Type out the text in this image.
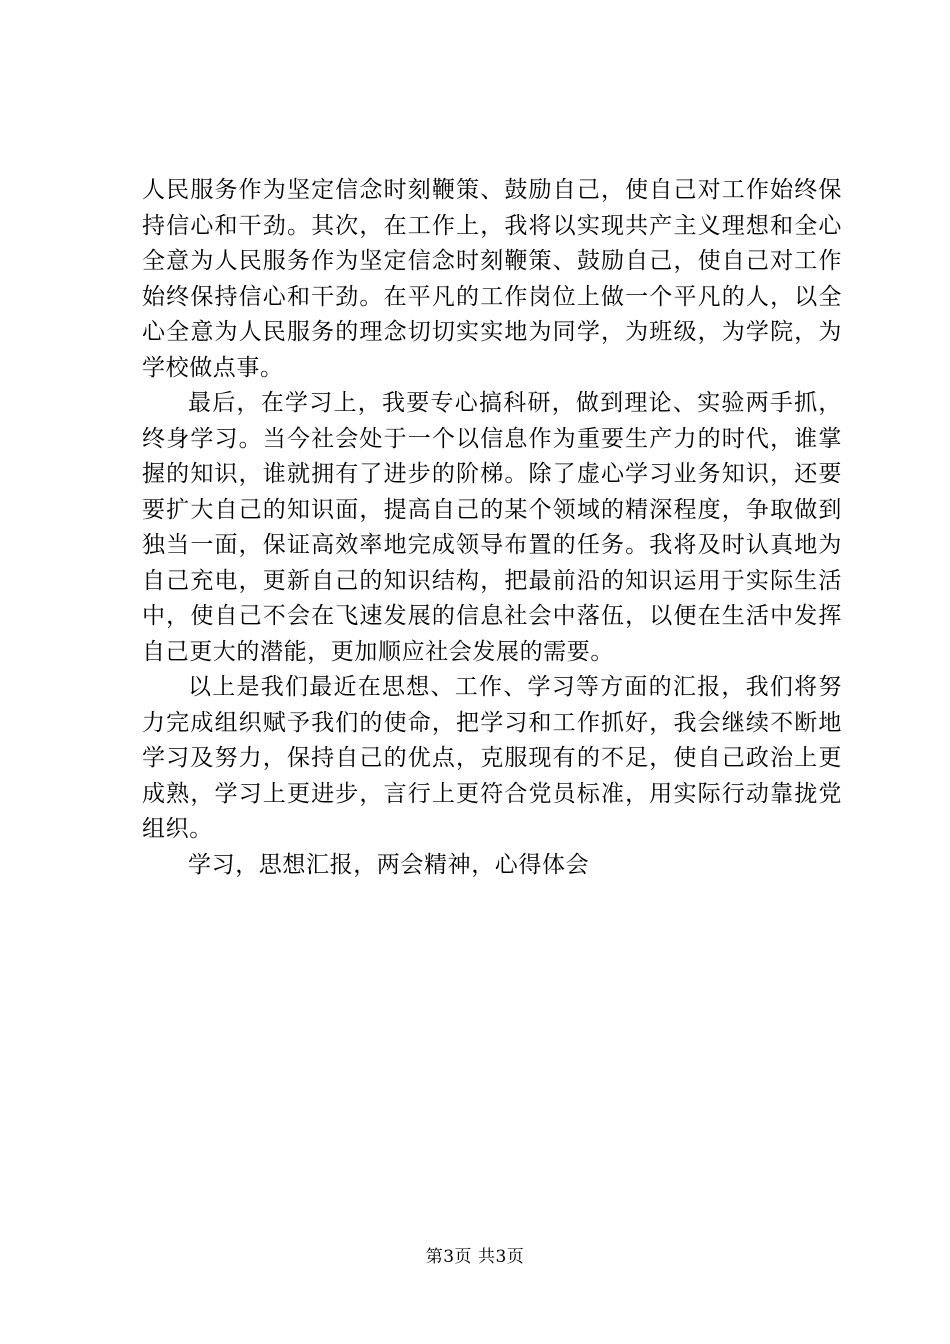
人民服务作为坚定信念时刻鞭策、鼓励自己，使自己对工作始终保持信心和干劲。其次，在工作上，我将以实现共产主义理想和全心全意为人民服务作为坚定信念时刻鞭策、鼓励自己，使自己对工作始终保持信心和干劲。在平凡的工作岗位上做一个平凡的人，以全心全意为人民服务的理念切切实实地为同学，为班级，为学院，为学校做点事。

最后，在学习上，我要专心搞科研，做到理论、实验两手抓，终身学习。当今社会处于一个以信息作为重要生产力的时代，谁掌握的知识，谁就拥有了进步的阶梯。除了虚心学习业务知识，还要要扩大自己的知识面，提高自己的某个领域的精深程度，争取做到独当一面，保证高效率地完成领导布置的任务。我将及时认真地为自己充电，更新自己的知识结构，把最前沿的知识运用于实际生活中，使自己不会在飞速发展的信息社会中落伍，以便在生活中发挥自己更大的潜能，更加顺应社会发展的需要。

以上是我们最近在思想、工作、学习等方面的汇报，我们将努力完成组织赋予我们的使命，把学习和工作抓好，我会继续不断地学习及努力，保持自己的优点，克服现有的不足，使自己政治上更成熟，学习上更进步，言行上更符合党员标准，用实际行动靠拢党组织。

学习，思想汇报，两会精神，心得体会

第3页 共3页
